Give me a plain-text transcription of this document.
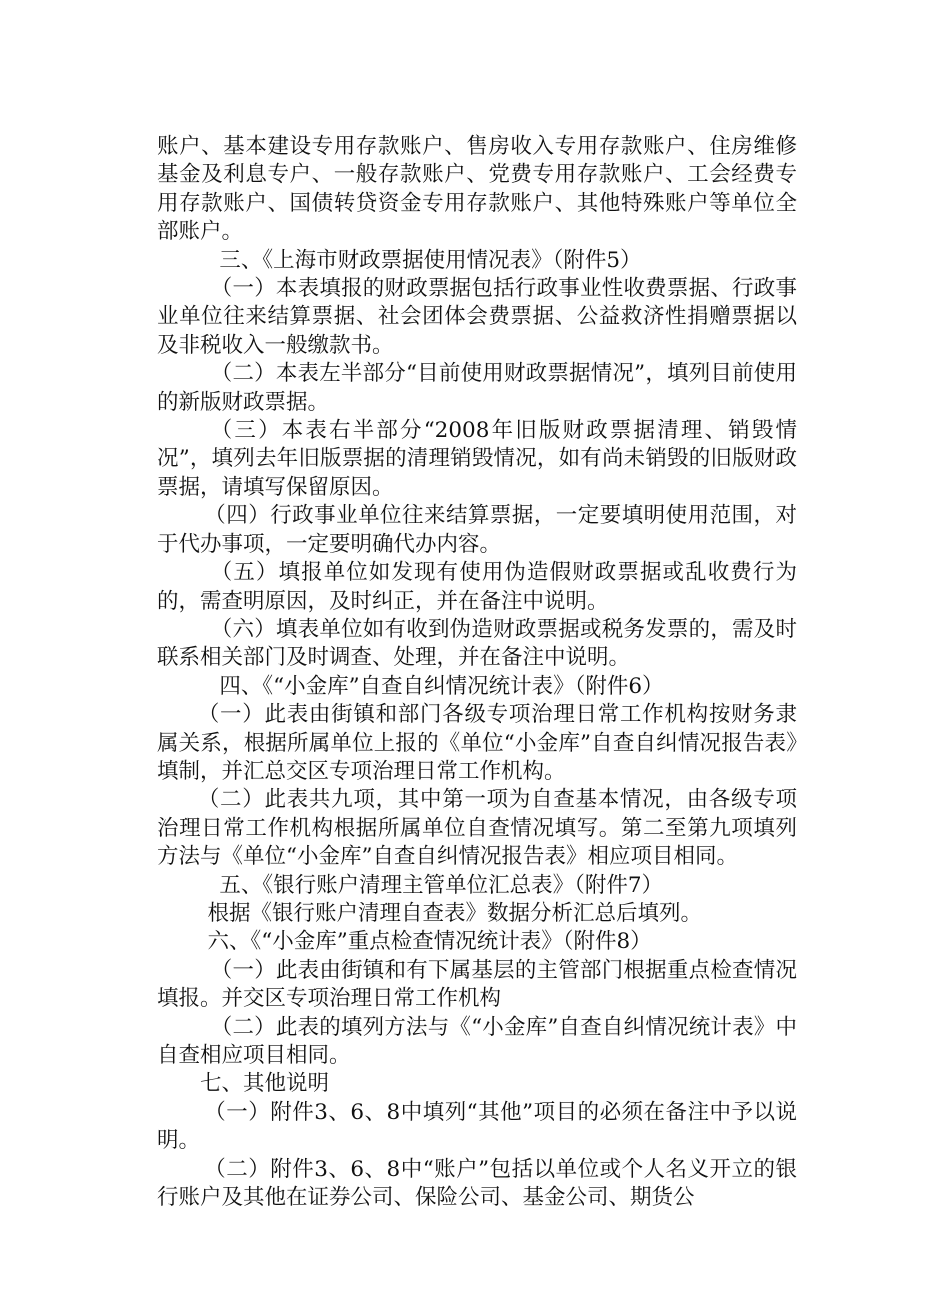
账户、基本建设专用存款账户、售房收入专用存款账户、住房维修基金及利息专户、一般存款账户、党费专用存款账户、工会经费专用存款账户、国债转贷资金专用存款账户、其他特殊账户等单位全部账户。

三、《上海市财政票据使用情况表》（附件5）

（一）本表填报的财政票据包括行政事业性收费票据、行政事业单位往来结算票据、社会团体会费票据、公益救济性捐赠票据以及非税收入一般缴款书。

（二）本表左半部分“目前使用财政票据情况”，填列目前使用的新版财政票据。

（三）本表右半部分“2008年旧版财政票据清理、销毁情况”，填列去年旧版票据的清理销毁情况，如有尚未销毁的旧版财政票据，请填写保留原因。

（四）行政事业单位往来结算票据，一定要填明使用范围，对于代办事项，一定要明确代办内容。

（五）填报单位如发现有使用伪造假财政票据或乱收费行为的，需查明原因，及时纠正，并在备注中说明。

（六）填表单位如有收到伪造财政票据或税务发票的，需及时联系相关部门及时调查、处理，并在备注中说明。

四、《“小金库”自查自纠情况统计表》（附件6）

（一）此表由街镇和部门各级专项治理日常工作机构按财务隶属关系，根据所属单位上报的《单位“小金库”自查自纠情况报告表》填制，并汇总交区专项治理日常工作机构。

（二）此表共九项，其中第一项为自查基本情况，由各级专项治理日常工作机构根据所属单位自查情况填写。第二至第九项填列方法与《单位“小金库”自查自纠情况报告表》相应项目相同。

五、《银行账户清理主管单位汇总表》（附件7）

根据《银行账户清理自查表》数据分析汇总后填列。

六、《“小金库”重点检查情况统计表》（附件8）

（一）此表由街镇和有下属基层的主管部门根据重点检查情况填报。并交区专项治理日常工作机构

（二）此表的填列方法与《“小金库”自查自纠情况统计表》中自查相应项目相同。

七、其他说明

（一）附件3、6、8中填列“其他”项目的必须在备注中予以说明。

（二）附件3、6、8中“账户”包括以单位或个人名义开立的银行账户及其他在证券公司、保险公司、基金公司、期货公
